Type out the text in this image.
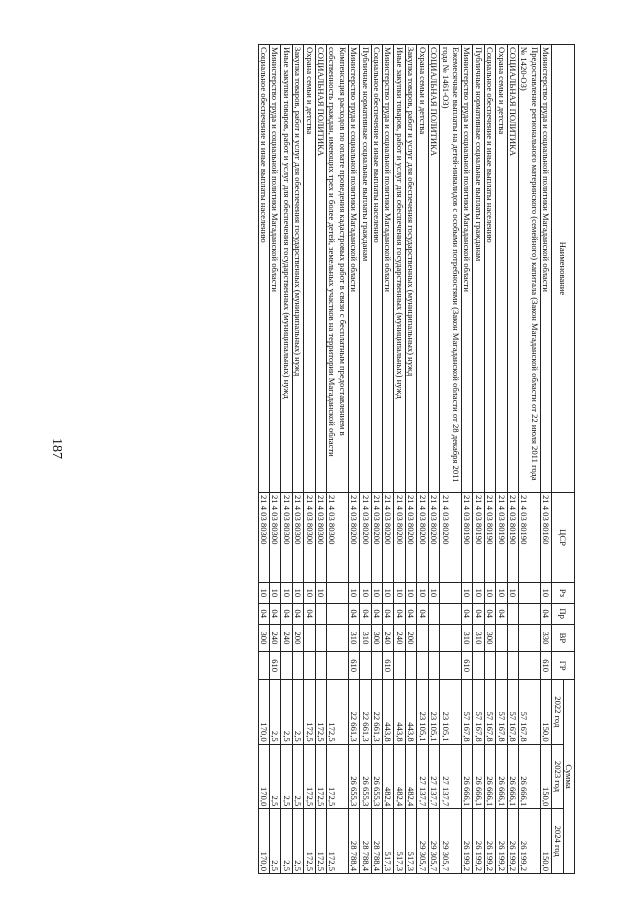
187
Наименование	ЦСР	Рз	Пр	ВР	ГР	Сумма		
						2022 год	2023 год	2024 год
Министерство труда и социальной политики Магаданской области	21 4 03 80160	10	04	330	610	150,0	150,0	150,0
Предоставление регионального материнского (семейного) капитала (Закон Магаданской области от 22 июля 2011 года № 1420-ОЗ)	21 4 03 80190					57 167,8	26 666,1	26 199,2
СОЦИАЛЬНАЯ ПОЛИТИКА	21 4 03 80190	10				57 167,8	26 666,1	26 199,2
Охрана семьи и детства	21 4 03 80190	10	04			57 167,8	26 666,1	26 199,2
Социальное обеспечение и иные выплаты населению	21 4 03 80190	10	04	300		57 167,8	26 666,1	26 199,2
Публичные нормативные социальные выплаты гражданам	21 4 03 80190	10	04	310		57 167,8	26 666,1	26 199,2
Министерство труда и социальной политики Магаданской области	21 4 03 80190	10	04	310	610	57 167,8	26 666,1	26 199,2
Ежемесячные выплаты на детей-инвалидов с особыми потребностями (Закон Магаданской области от 28 декабря 2011 года № 1461-ОЗ)	21 4 03 80200					23 105,1	27 137,7	29 305,7
СОЦИАЛЬНАЯ ПОЛИТИКА	21 4 03 80200	10				23 105,1	27 137,7	29 305,7
Охрана семьи и детства	21 4 03 80200	10	04			23 105,1	27 137,7	29 305,7
Закупка товаров, работ и услуг для обеспечения государственных (муниципальных) нужд	21 4 03 80200	10	04	200		443,8	482,4	517,3
Иные закупки товаров, работ и услуг для обеспечения государственных (муниципальных) нужд	21 4 03 80200	10	04	240		443,8	482,4	517,3
Министерство труда и социальной политики Магаданской области	21 4 03 80200	10	04	240	610	443,8	482,4	517,3
Социальное обеспечение и иные выплаты населению	21 4 03 80200	10	04	300		22 661,3	26 655,3	28 788,4
Публичные нормативные социальные выплаты гражданам	21 4 03 80200	10	04	310		22 661,3	26 655,3	28 788,4
Министерство труда и социальной политики Магаданской области	21 4 03 80200	10	04	310	610	22 661,3	26 655,3	28 788,4
Компенсация расходов по оплате проведения кадастровых работ в связи с бесплатным предоставлением в собственность граждан, имеющих трех и более детей, земельных участков на территории Магаданской области	21 4 03 80300					172,5	172,5	172,5
СОЦИАЛЬНАЯ ПОЛИТИКА	21 4 03 80300	10				172,5	172,5	172,5
Охрана семьи и детства	21 4 03 80300	10	04			172,5	172,5	172,5
Закупка товаров, работ и услуг для обеспечения государственных (муниципальных) нужд	21 4 03 80300	10	04	200		2,5	2,5	2,5
Иные закупки товаров, работ и услуг для обеспечения государственных (муниципальных) нужд	21 4 03 80300	10	04	240		2,5	2,5	2,5
Министерство труда и социальной политики Магаданской области	21 4 03 80300	10	04	240	610	2,5	2,5	2,5
Социальное обеспечение и иные выплаты населению	21 4 03 80300	10	04	300		170,0	170,0	170,0
